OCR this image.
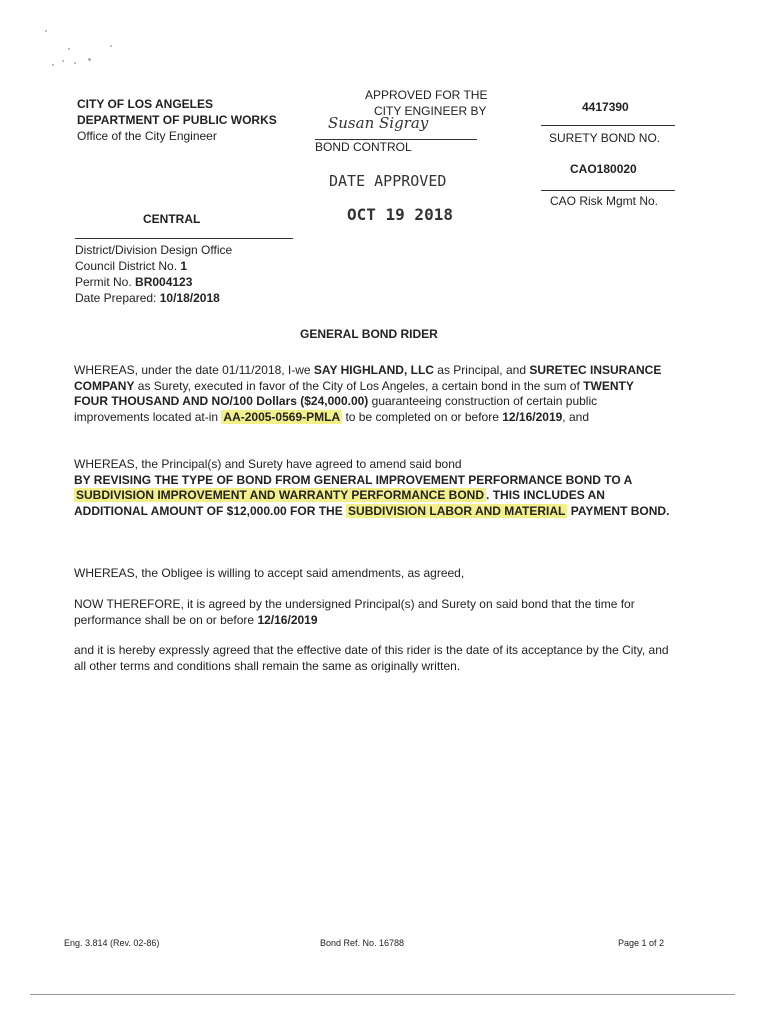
CITY OF LOS ANGELES
DEPARTMENT OF PUBLIC WORKS
Office of the City Engineer
APPROVED FOR THE
CITY ENGINEER BY
Susan Sigray
BOND CONTROL
DATE APPROVED
OCT 19 2018
4417390
SURETY BOND NO.
CAO180020
CAO Risk Mgmt No.
CENTRAL
District/Division Design Office
Council District No. 1
Permit No. BR004123
Date Prepared: 10/18/2018
GENERAL BOND RIDER
WHEREAS, under the date 01/11/2018, I-we SAY HIGHLAND, LLC as Principal, and SURETEC INSURANCE COMPANY as Surety, executed in favor of the City of Los Angeles, a certain bond in the sum of TWENTY FOUR THOUSAND AND NO/100 Dollars ($24,000.00) guaranteeing construction of certain public improvements located at-in AA-2005-0569-PMLA to be completed on or before 12/16/2019, and
WHEREAS, the Principal(s) and Surety have agreed to amend said bond
BY REVISING THE TYPE OF BOND FROM GENERAL IMPROVEMENT PERFORMANCE BOND TO A SUBDIVISION IMPROVEMENT AND WARRANTY PERFORMANCE BOND . THIS INCLUDES AN ADDITIONAL AMOUNT OF $12,000.00 FOR THE SUBDIVISION LABOR AND MATERIAL PAYMENT BOND.
WHEREAS, the Obligee is willing to accept said amendments, as agreed,
NOW THEREFORE, it is agreed by the undersigned Principal(s) and Surety on said bond that the time for performance shall be on or before 12/16/2019
and it is hereby expressly agreed that the effective date of this rider is the date of its acceptance by the City, and all other terms and conditions shall remain the same as originally written.
Eng. 3.814 (Rev. 02-86)	Bond Ref. No. 16788	Page 1 of 2
